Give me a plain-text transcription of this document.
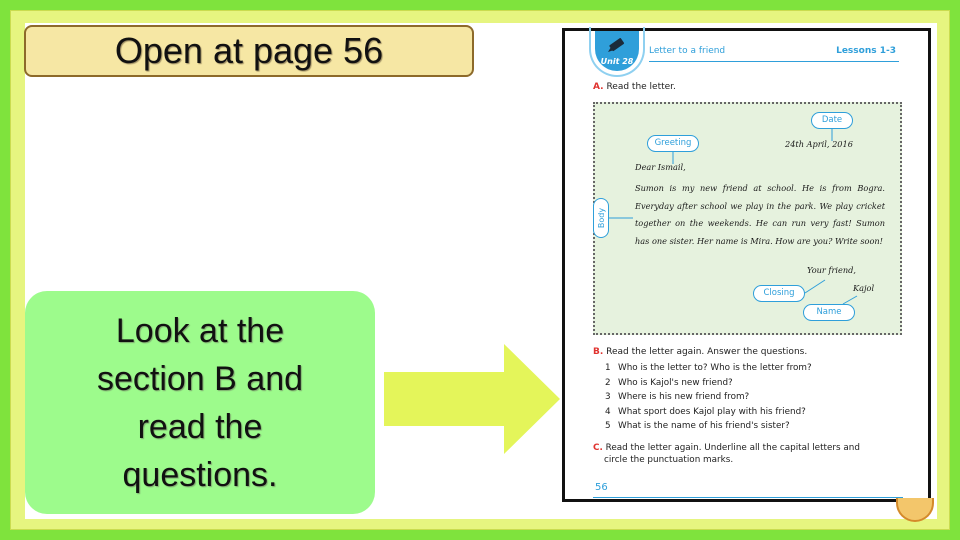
Open at page 56
Look at the
section B and
read the
questions.
Unit 28
Letter to a friend	Lessons 1-3
A. Read the letter.
Date
Greeting
Body
Closing
Name
24th April, 2016
Dear Ismail,
Sumon is my new friend at school. He is from Bogra. Everyday after school we play in the park. We play cricket together on the weekends. He can run very fast! Sumon has one sister. Her name is Mira. How are you? Write soon!
Your friend,
Kajol
B. Read the letter again. Answer the questions.
1 Who is the letter to? Who is the letter from?
2 Who is Kajol's new friend?
3 Where is his new friend from?
4 What sport does Kajol play with his friend?
5 What is the name of his friend's sister?
C. Read the letter again. Underline all the capital letters and
circle the punctuation marks.
56
